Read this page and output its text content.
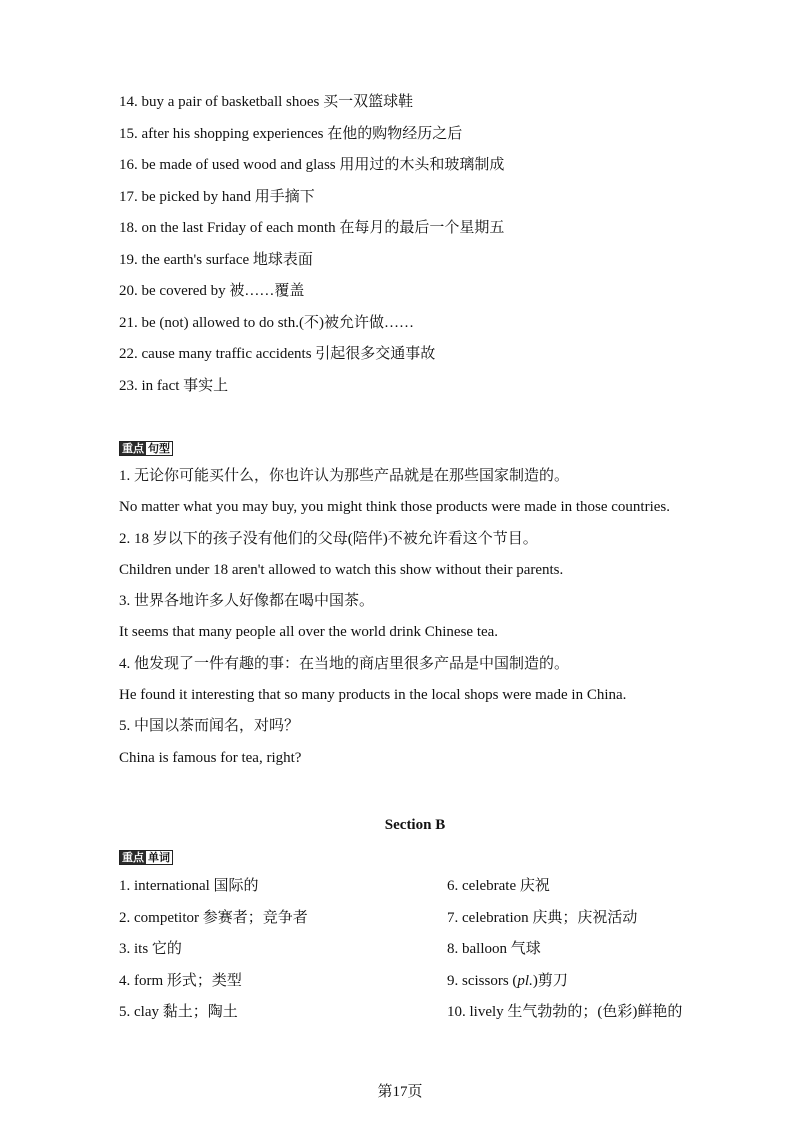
14. buy a pair of basketball shoes 买一双篮球鞋
15. after his shopping experiences 在他的购物经历之后
16. be made of used wood and glass 用用过的木头和玻璃制成
17. be picked by hand 用手摘下
18. on the last Friday of each month 在每月的最后一个星期五
19. the earth's surface 地球表面
20. be covered by 被……覆盖
21. be (not) allowed to do sth.(不)被允许做……
22. cause many traffic accidents 引起很多交通事故
23. in fact 事实上
重点 句型
1. 无论你可能买什么，你也许认为那些产品就是在那些国家制造的。
No matter what you may buy, you might think those products were made in those countries.
2. 18 岁以下的孩子没有他们的父母(陪伴)不被允许看这个节目。
Children under 18 aren't allowed to watch this show without their parents.
3. 世界各地许多人好像都在喝中国茶。
It seems that many people all over the world drink Chinese tea.
4. 他发现了一件有趣的事：在当地的商店里很多产品是中国制造的。
He found it interesting that so many products in the local shops were made in China.
5. 中国以茶而闻名，对吗？
China is famous for tea, right?
Section B
重点 单词
1. international 国际的	6. celebrate 庆祝
2. competitor 参赛者；竞争者	7. celebration 庆典；庆祝活动
3. its 它的	8. balloon 气球
4. form 形式；类型	9. scissors (pl.)剪刀
5. clay 黏土；陶土	10. lively 生气勃勃的；(色彩)鲜艳的
第17页
